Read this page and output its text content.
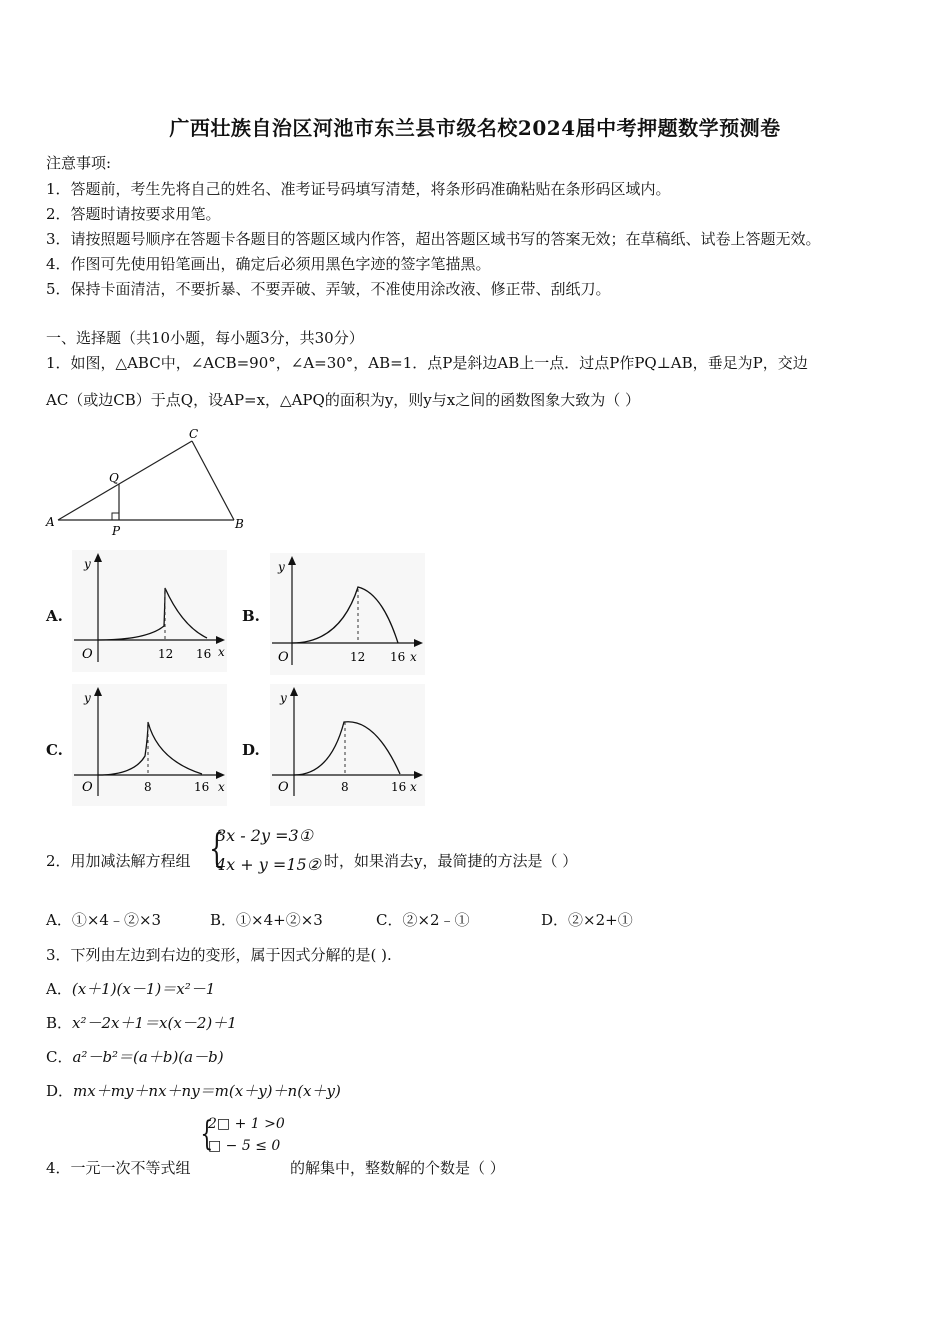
广西壮族自治区河池市东兰县市级名校2024届中考押题数学预测卷
注意事项:
1．答题前，考生先将自己的姓名、准考证号码填写清楚，将条形码准确粘贴在条形码区域内。
2．答题时请按要求用笔。
3．请按照题号顺序在答题卡各题目的答题区域内作答，超出答题区域书写的答案无效；在草稿纸、试卷上答题无效。
4．作图可先使用铅笔画出，确定后必须用黑色字迹的签字笔描黑。
5．保持卡面清洁，不要折暴、不要弄破、弄皱，不准使用涂改液、修正带、刮纸刀。
一、选择题（共10小题，每小题3分，共30分）
1．如图，△ABC中，∠ACB=90°，∠A=30°，AB=1．点P是斜边AB上一点．过点P作PQ⊥AB，垂足为P，交边
AC（或边CB）于点Q，设AP=x，△APQ的面积为y，则y与x之间的函数图象大致为（ ）
A	B
C
P
Q
A.	B.
C.	D.
y
x
O	12 16
y
x
O	12 16
y
x
O	8	16
y
x
O	8	16
2．用加减法解方程组 {
3x - 2y =3①
4x + y =15② 时，如果消去y，最简捷的方法是（ ）
A．①×4﹣②×3	B．①×4+②×3	C．②×2﹣①	D．②×2+①
3．下列由左边到右边的变形，属于因式分解的是( ).
A．(x＋1)(x－1)＝x²－1
B．x²－2x＋1＝x(x－2)＋1
C．a²－b²＝(a＋b)(a－b)
D．mx＋my＋nx＋ny＝m(x＋y)＋n(x＋y)
{
2□ + 1 >0
□ − 5 ≤ 0
4．一元一次不等式组	的解集中，整数解的个数是（ ）
